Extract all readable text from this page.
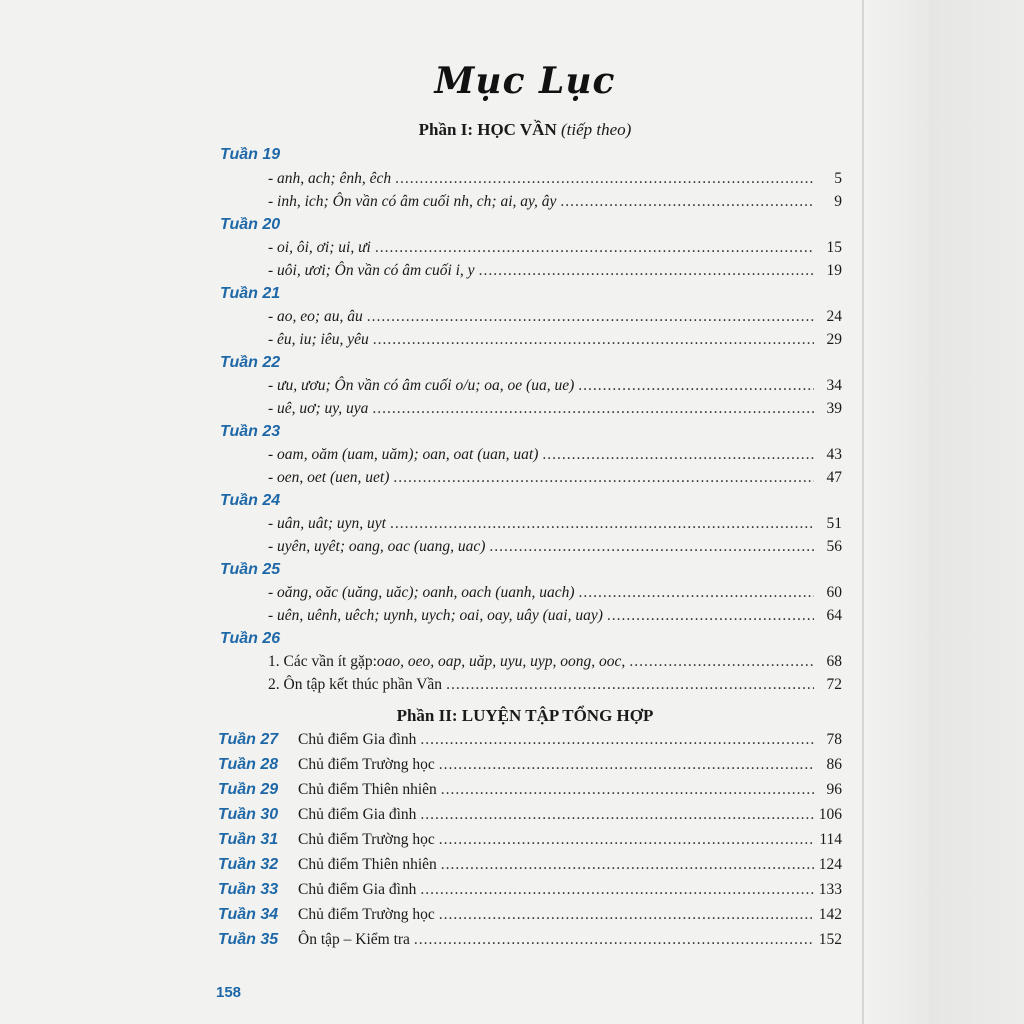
Mục Lục
Phần I: HỌC VẦN (tiếp theo)
Tuần 19
- anh, ach; ênh, êch .....	5
- inh, ich; Ôn vần có âm cuối nh, ch; ai, ay, ây .....	9
Tuần 20
- oi, ôi, ơi; ui, ưi .....	15
- uôi, ươi; Ôn vần có âm cuối i, y .....	19
Tuần 21
- ao, eo; au, âu .....	24
- êu, iu; iêu, yêu .....	29
Tuần 22
- ưu, ươu; Ôn vần có âm cuối o/u; oa, oe (ua, ue) .....	34
- uê, uơ; uy, uya .....	39
Tuần 23
- oam, oăm (uam, uăm); oan, oat (uan, uat) .....	43
- oen, oet (uen, uet) .....	47
Tuần 24
- uân, uât; uyn, uyt .....	51
- uyên, uyêt; oang, oac (uang, uac) .....	56
Tuần 25
- oăng, oăc (uăng, uăc); oanh, oach (uanh, uach) .....	60
- uên, uênh, uêch; uynh, uych; oai, oay, uây (uai, uay) .....	64
Tuần 26
1. Các vần ít gặp: oao, oeo, oap, uăp, uyu, uyp, oong, ooc, .....	68
2. Ôn tập kết thúc phần Vần .....	72
Phần II: LUYỆN TẬP TỔNG HỢP
Tuần 27 Chủ điểm Gia đình .....	78
Tuần 28 Chủ điểm Trường học .....	86
Tuần 29 Chủ điểm Thiên nhiên .....	96
Tuần 30 Chủ điểm Gia đình .....	106
Tuần 31 Chủ điểm Trường học .....	114
Tuần 32 Chủ điểm Thiên nhiên .....	124
Tuần 33 Chủ điểm Gia đình .....	133
Tuần 34 Chủ điểm Trường học .....	142
Tuần 35 Ôn tập – Kiểm tra .....	152
158
